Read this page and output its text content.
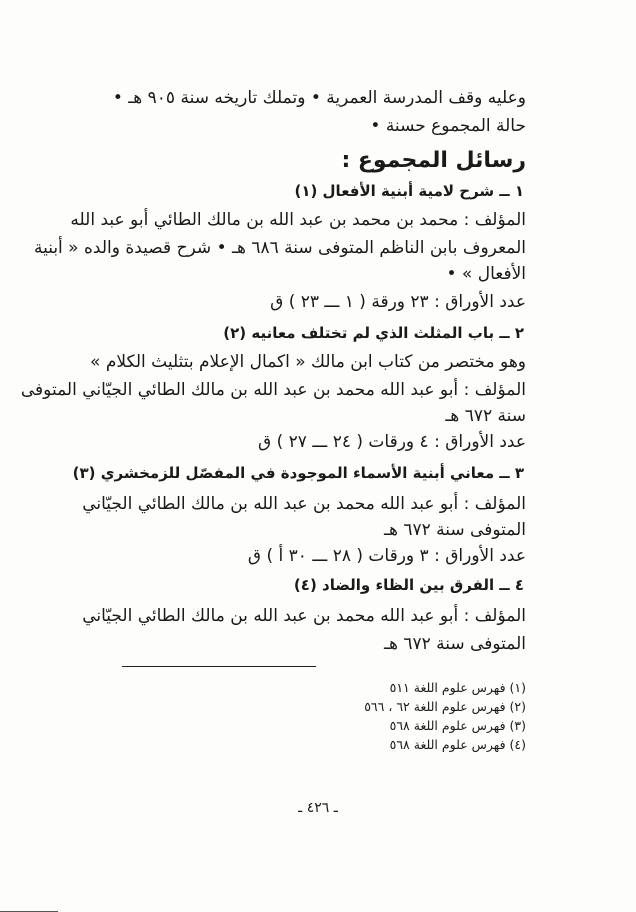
وعليه وقف المدرسة العمرية • وتملك تاريخه سنة ٩٠٥ هـ •
حالة المجموع حسنة •
رسائل المجموع :
١ ــ شرح لامية أبنية الأفعال (١)
المؤلف : محمد بن محمد بن عبد الله بن مالك الطائي أبو عبد الله
المعروف بابن الناظم المتوفى سنة ٦٨٦ هـ • شرح قصيدة والده « أبنية
الأفعال » •
عدد الأوراق : ٢٣ ورقة ( ١ ـــ ٢٣ ) ق
٢ ــ باب المثلث الذي لم تختلف معانيه (٢)
وهو مختصر من كتاب ابن مالك « اكمال الإعلام بتثليث الكلام »
المؤلف : أبو عبد الله محمد بن عبد الله بن مالك الطائي الجيّاني المتوفى
سنة ٦٧٢ هـ
عدد الأوراق : ٤ ورقات ( ٢٤ ـــ ٢٧ ) ق
٣ ــ معاني أبنية الأسماء الموجودة في المفصّل للزمخشري (٣)
المؤلف : أبو عبد الله محمد بن عبد الله بن مالك الطائي الجيّاني
المتوفى سنة ٦٧٢ هـ
عدد الأوراق : ٣ ورقات ( ٢٨ ـــ ٣٠ أ ) ق
٤ ــ الفرق بين الظاء والضاد (٤)
المؤلف : أبو عبد الله محمد بن عبد الله بن مالك الطائي الجيّاني
المتوفى سنة ٦٧٢ هـ
(١) فهرس علوم اللغة ٥١١
(٢) فهرس علوم اللغة ٦٢ ، ٥٦٦
(٣) فهرس علوم اللغة ٥٦٨
(٤) فهرس علوم اللغة ٥٦٨
ـ ٤٢٦ ـ
